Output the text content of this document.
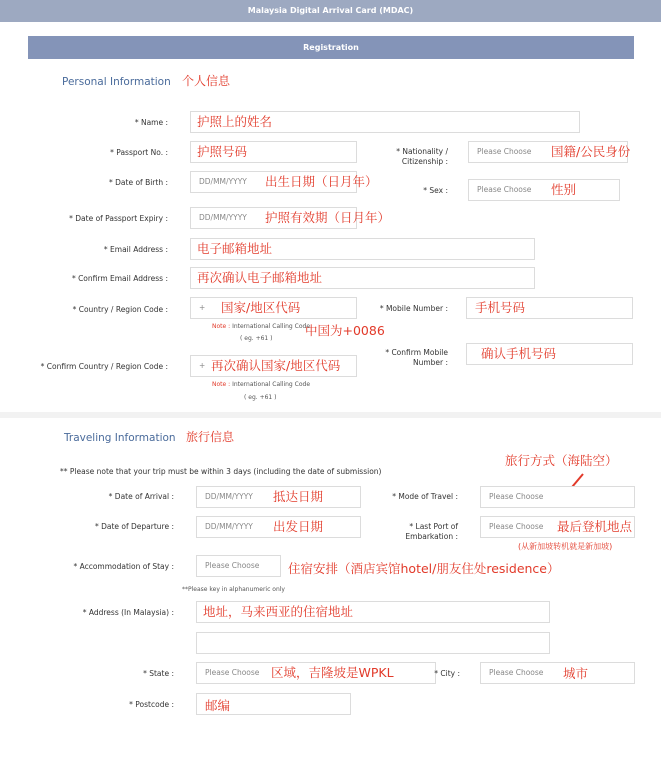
Malaysia Digital Arrival Card (MDAC)
Registration
Personal Information 个人信息
* Name : 护照上的姓名
* Passport No. : 护照号码	* Nationality / Citizenship :
Please Choose 国籍/公民身份
* Date of Birth :	DD/MM/YYYY 出生日期（日月年）
* Sex :	Please Choose 性别
* Date of Passport Expiry :	DD/MM/YYYY 护照有效期（日月年）
* Email Address : 电子邮箱地址
* Confirm Email Address : 再次确认电子邮箱地址
* Country / Region Code :	+ 国家/地区代码
Note : International Calling Code
( eg. +61 )
中国为+0086
* Mobile Number : 手机号码
* Confirm Country / Region Code :	+ 再次确认国家/地区代码
Note : International Calling Code
( eg. +61 )
* Confirm Mobile Number :
确认手机号码
Traveling Information 旅行信息
旅行方式（海陆空）
** Please note that your trip must be within 3 days (including the date of submission)
* Date of Arrival :	DD/MM/YYYY 抵达日期	* Mode of Travel :	Please Choose
* Date of Departure :	DD/MM/YYYY 出发日期	* Last Port of Embarkation :
Please Choose 最后登机地点
(从新加坡转机就是新加坡)
* Accommodation of Stay :	Please Choose 住宿安排（酒店宾馆hotel/朋友住处residence）
**Please key in alphanumeric only
* Address (In Malaysia) : 地址，马来西亚的住宿地址
* State :	Please Choose 区域，吉隆坡是WPKL	* City :	Please Choose 城市
* Postcode : 邮编
